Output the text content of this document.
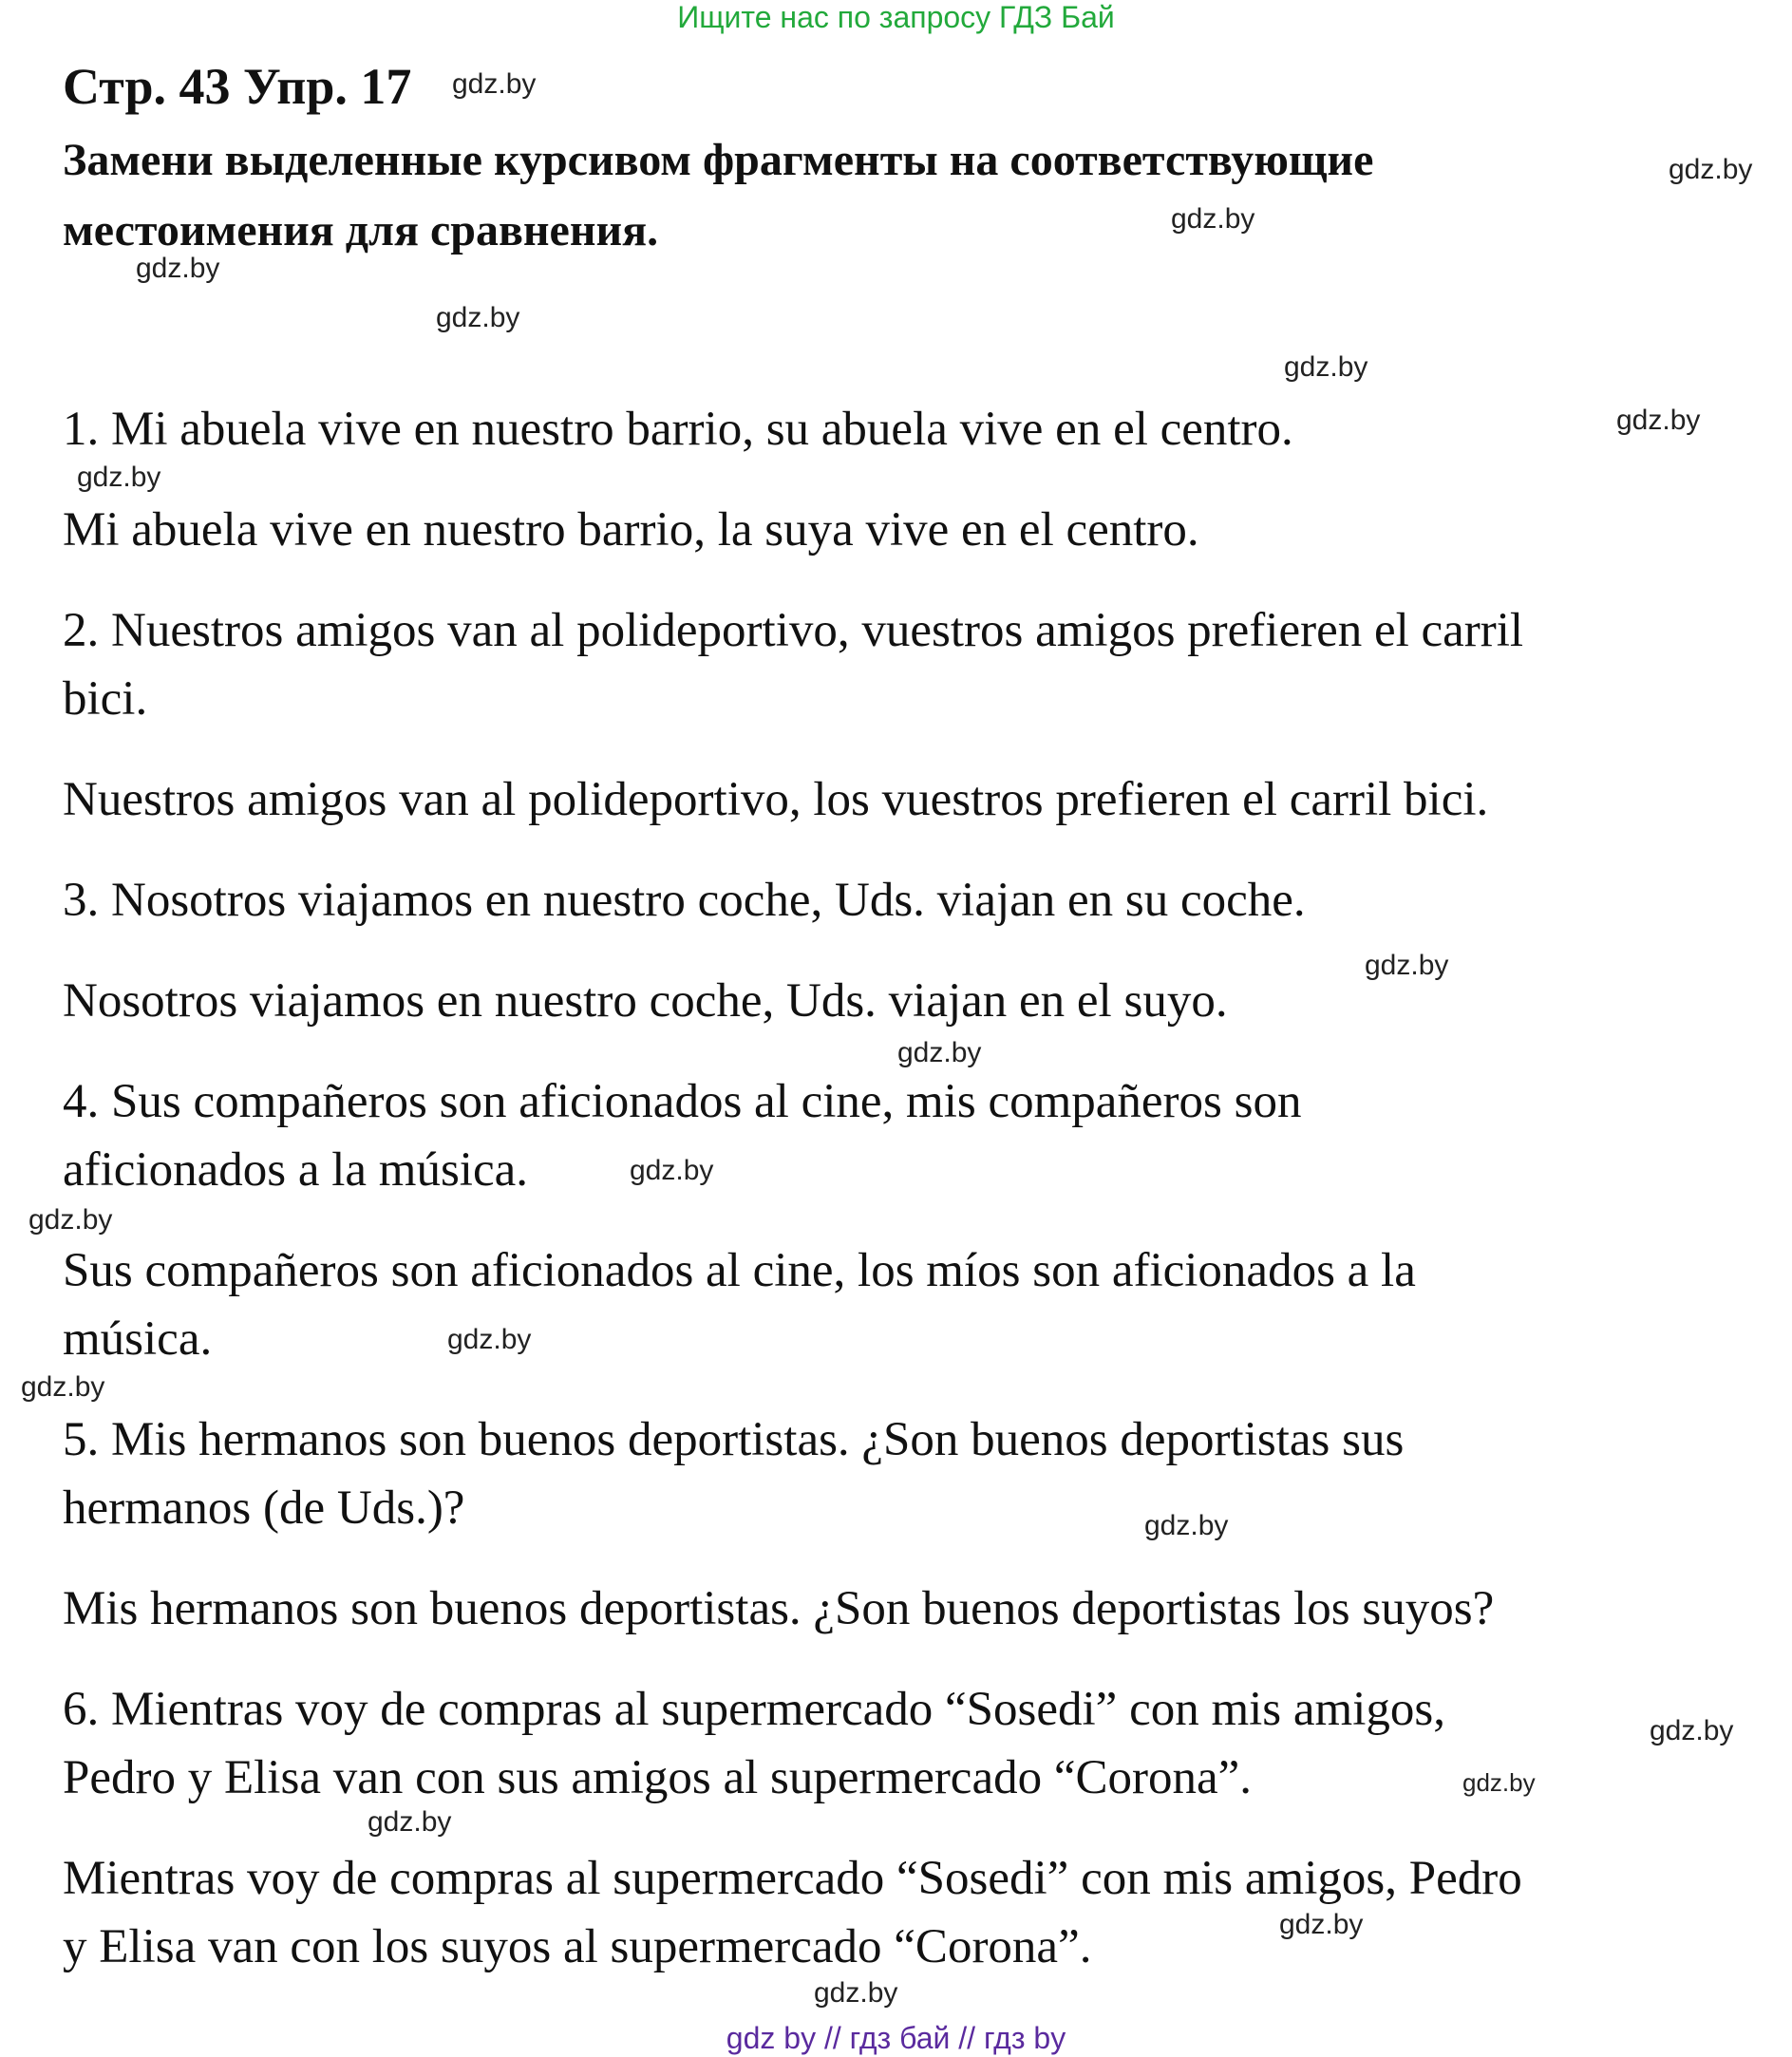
Ищите нас по запросу ГДЗ Бай
Стр. 43 Упр. 17
Замени выделенные курсивом фрагменты на соответствующие
местоимения для сравнения.
1. Mi abuela vive en nuestro barrio, su abuela vive en el centro.
Mi abuela vive en nuestro barrio, la suya vive en el centro.
2. Nuestros amigos van al polideportivo, vuestros amigos prefieren el carril
bici.
Nuestros amigos van al polideportivo, los vuestros prefieren el carril bici.
3. Nosotros viajamos en nuestro coche, Uds. viajan en su coche.
Nosotros viajamos en nuestro coche, Uds. viajan en el suyo.
4. Sus compañeros son aficionados al cine, mis compañeros son
aficionados a la música.
Sus compañeros son aficionados al cine, los míos son aficionados a la
música.
5. Mis hermanos son buenos deportistas. ¿Son buenos deportistas sus
hermanos (de Uds.)?
Mis hermanos son buenos deportistas. ¿Son buenos deportistas los suyos?
6. Mientras voy de compras al supermercado “Sosedi” con mis amigos,
Pedro y Elisa van con sus amigos al supermercado “Corona”.
Mientras voy de compras al supermercado “Sosedi” con mis amigos, Pedro
y Elisa van con los suyos al supermercado “Corona”.
gdz.by
gdz.by
gdz.by
gdz.by
gdz.by
gdz.by
gdz.by
gdz.by
gdz.by
gdz.by
gdz.by
gdz.by
gdz.by
gdz.by
gdz.by
gdz.by
gdz.by
gdz.by
gdz.by
gdz.by
gdz by // гдз бай // гдз by
